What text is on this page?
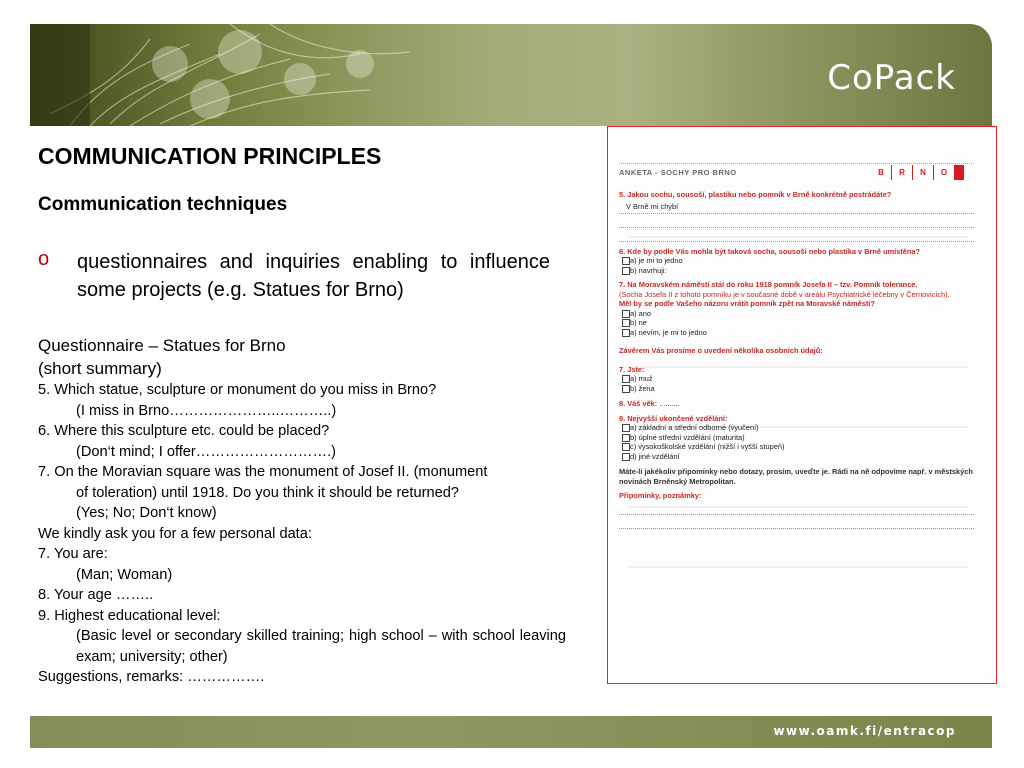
CoPack
COMMUNICATION PRINCIPLES
Communication techniques
o questionnaires and inquiries enabling to influence some projects (e.g. Statues for Brno)
Questionnaire – Statues for Brno
(short summary)
5. Which statue, sculpture or monument do you miss in Brno?
(I miss in Brno…………………..………..)
6. Where this sculpture etc. could be placed?
(Don‘t mind; I offer……………………….)
7. On the Moravian square was the monument of Josef II. (monument
of toleration) until 1918. Do you think it should be returned?
(Yes; No; Don‘t know)
We kindly ask you for a few personal data:
7. You are:
(Man; Woman)
8. Your age ……..
9. Highest educational level:
(Basic level or secondary skilled training; high school – with school leaving exam; university; other)
Suggestions, remarks: …………….
ANKETA - SOCHY PRO BRNO	B	R	N	O
5. Jakou sochu, sousoší, plastiku nebo pomník v Brně konkrétně postrádáte?
V Brně mi chybí
6. Kde by podle Vás mohla být taková socha, sousoší nebo plastika v Brně umístěna?
a) je mi to jedno
b) navrhuji:
7. Na Moravském náměstí stál do roku 1918 pomník Josefa II – tzv. Pomník tolerance.
(Socha Josefa II z tohoto pomníku je v současné době v areálu Psychiatrické léčebny v Černovicích).
Měl by se podle Vašeho názoru vrátit pomník zpět na Moravské náměstí?
a) ano
b) ne
a) nevím, je mi to jedno
Závěrem Vás prosíme o uvedení několika osobních údajů:
7. Jste:
a) muž
b) žena
8. Váš věk: ..........
9. Nejvyšší ukončené vzdělání:
a) základní a střední odborné (vyučení)
b) úplné střední vzdělání (maturita)
c) vysokoškolské vzdělání (nižší i vyšší stupeň)
d) jiné vzdělání
Máte-li jakékoliv připomínky nebo dotazy, prosím, uveďte je. Rádi na ně odpovíme např. v městských novinách Brněnský Metropolitan.
Připomínky, poznámky:
www.oamk.fi/entracop
